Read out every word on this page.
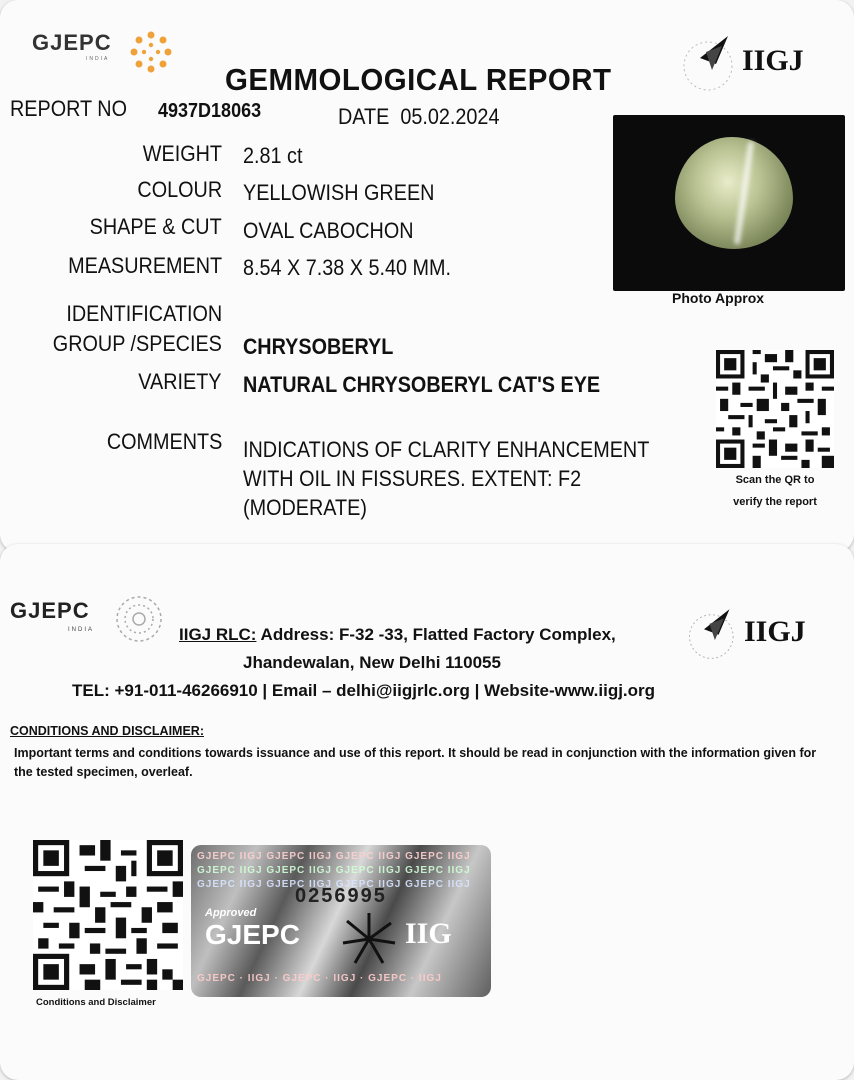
GJEPC
INDIA	IIGJ
GEMMOLOGICAL REPORT
REPORT NO 4937D18063	DATE 05.02.2024
WEIGHT 2.81 ct
COLOUR YELLOWISH GREEN
SHAPE & CUT OVAL CABOCHON
MEASUREMENT 8.54 X 7.38 X 5.40 MM.
IDENTIFICATION
GROUP /SPECIES CHRYSOBERYL
VARIETY NATURAL CHRYSOBERYL CAT'S EYE
COMMENTS INDICATIONS OF CLARITY ENHANCEMENT
WITH OIL IN FISSURES. EXTENT: F2
(MODERATE)
Photo Approx
Scan the QR to
verify the report
GJEPC
INDIA	IIGJ
IIGJ RLC: Address: F-32 -33, Flatted Factory Complex,
Jhandewalan, New Delhi 110055
TEL: +91-011-46266910 | Email – delhi@iigjrlc.org | Website-www.iigj.org
CONDITIONS AND DISCLAIMER:
Important terms and conditions towards issuance and use of this report. It should be read in conjunction with the information given for the tested specimen, overleaf.
Conditions and Disclaimer
GJEPC IIGJ GJEPC IIGJ GJEPC IIGJ GJEPC IIGJ
GJEPC IIGJ GJEPC IIGJ GJEPC IIGJ GJEPC IIGJ
GJEPC IIGJ GJEPC IIGJ GJEPC IIGJ GJEPC IIGJ
0256995
Approved
GJEPC	IIG
GJEPC · IIGJ · GJEPC · IIGJ · GJEPC · IIGJ
